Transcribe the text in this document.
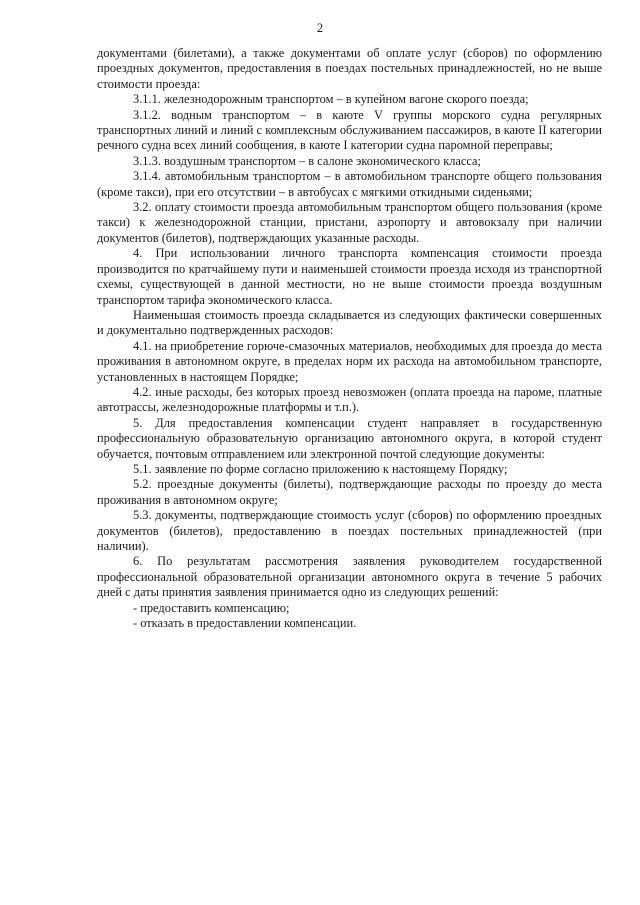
2

документами (билетами), а также документами об оплате услуг (сборов) по оформлению проездных документов, предоставления в поездах постельных принадлежностей, но не выше стоимости проезда:

3.1.1. железнодорожным транспортом – в купейном вагоне скорого поезда;

3.1.2. водным транспортом – в каюте V группы морского судна регулярных транспортных линий и линий с комплексным обслуживанием пассажиров, в каюте II категории речного судна всех линий сообщения, в каюте I категории судна паромной переправы;

3.1.3. воздушным транспортом – в салоне экономического класса;

3.1.4. автомобильным транспортом – в автомобильном транспорте общего пользования (кроме такси), при его отсутствии – в автобусах с мягкими откидными сиденьями;

3.2. оплату стоимости проезда автомобильным транспортом общего пользования (кроме такси) к железнодорожной станции, пристани, аэропорту и автовокзалу при наличии документов (билетов), подтверждающих указанные расходы.

4. При использовании личного транспорта компенсация стоимости проезда производится по кратчайшему пути и наименьшей стоимости проезда исходя из транспортной схемы, существующей в данной местности, но не выше стоимости проезда воздушным транспортом тарифа экономического класса.

Наименьшая стоимость проезда складывается из следующих фактически совершенных и документально подтвержденных расходов:

4.1. на приобретение горюче-смазочных материалов, необходимых для проезда до места проживания в автономном округе, в пределах норм их расхода на автомобильном транспорте, установленных в настоящем Порядке;

4.2. иные расходы, без которых проезд невозможен (оплата проезда на пароме, платные автотрассы, железнодорожные платформы и т.п.).

5. Для предоставления компенсации студент направляет в государственную профессиональную образовательную организацию автономного округа, в которой студент обучается, почтовым отправлением или электронной почтой следующие документы:

5.1. заявление по форме согласно приложению к настоящему Порядку;

5.2. проездные документы (билеты), подтверждающие расходы по проезду до места проживания в автономном округе;

5.3. документы, подтверждающие стоимость услуг (сборов) по оформлению проездных документов (билетов), предоставлению в поездах постельных принадлежностей (при наличии).

6. По результатам рассмотрения заявления руководителем государственной профессиональной образовательной организации автономного округа в течение 5 рабочих дней с даты принятия заявления принимается одно из следующих решений:

- предоставить компенсацию;

- отказать в предоставлении компенсации.
